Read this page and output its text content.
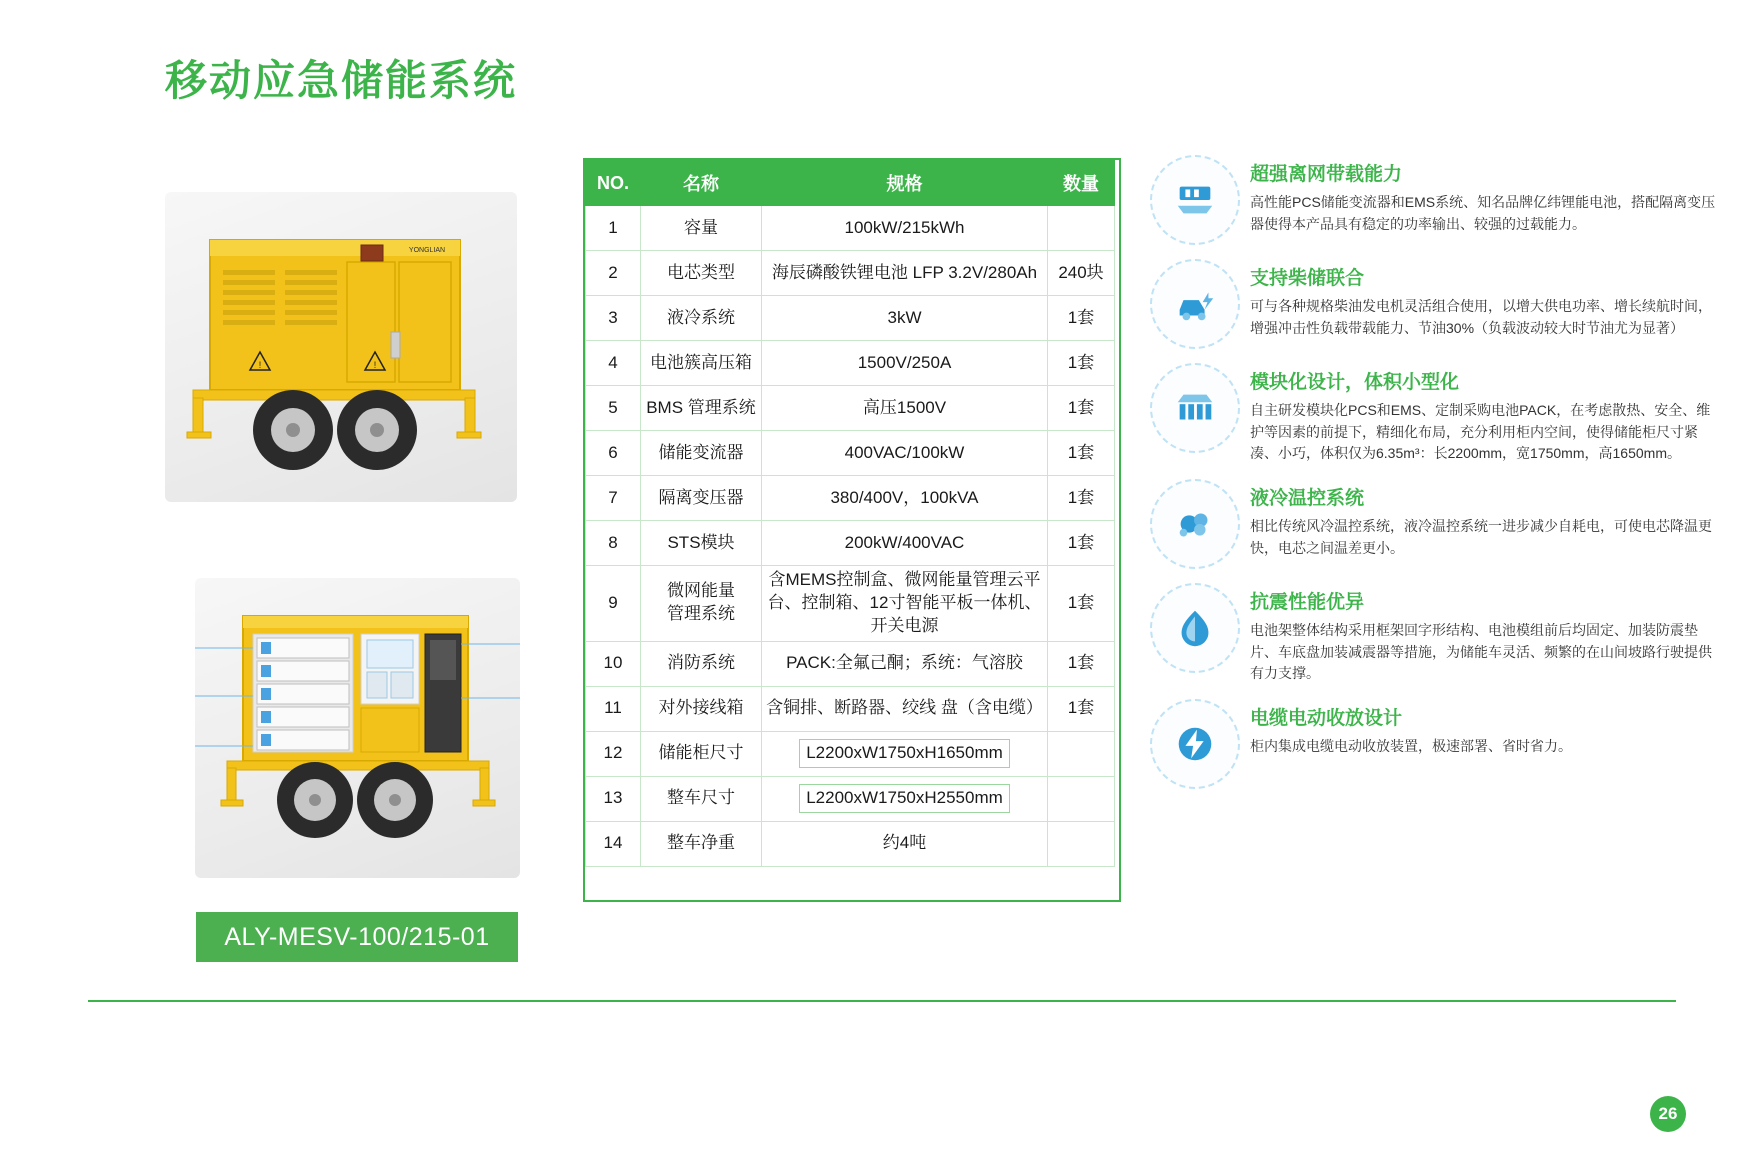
移动应急储能系统
!	!
YONGLIAN
ALY-MESV-100/215-01
NO.	名称	规格	数量
1	容量	100kW/215kWh	
2	电芯类型	海辰磷酸铁锂电池 LFP 3.2V/280Ah	240块
3	液冷系统	3kW	1套
4	电池簇高压箱	1500V/250A	1套
5	BMS 管理系统	高压1500V	1套
6	储能变流器	400VAC/100kW	1套
7	隔离变压器	380/400V，100kVA	1套
8	STS模块	200kW/400VAC	1套
9	微网能量
管理系统	含MEMS控制盒、微网能量管理云平台、控制箱、12寸智能平板一体机、开关电源	1套
10	消防系统	PACK:全氟己酮；系统：气溶胶	1套
11	对外接线箱	含铜排、断路器、绞线 盘（含电缆）	1套
12	储能柜尺寸	L2200xW1750xH1650mm	
13	整车尺寸	L2200xW1750xH2550mm	
14	整车净重	约4吨	
超强离网带载能力
高性能PCS储能变流器和EMS系统、知名品牌亿纬锂能电池，搭配隔离变压器使得本产品具有稳定的功率输出、较强的过载能力。
支持柴储联合
可与各种规格柴油发电机灵活组合使用，以增大供电功率、增长续航时间，增强冲击性负载带载能力、节油30%（负载波动较大时节油尤为显著）
模块化设计，体积小型化
自主研发模块化PCS和EMS、定制采购电池PACK，在考虑散热、安全、维护等因素的前提下，精细化布局，充分利用柜内空间，使得储能柜尺寸紧凑、小巧，体积仅为6.35m³：长2200mm，宽1750mm，高1650mm。
液冷温控系统
相比传统风冷温控系统，液冷温控系统一进步减少自耗电，可使电芯降温更快，电芯之间温差更小。
抗震性能优异
电池架整体结构采用框架回字形结构、电池模组前后均固定、加装防震垫片、车底盘加装减震器等措施，为储能车灵活、频繁的在山间坡路行驶提供有力支撑。
电缆电动收放设计
柜内集成电缆电动收放装置，极速部署、省时省力。
26
